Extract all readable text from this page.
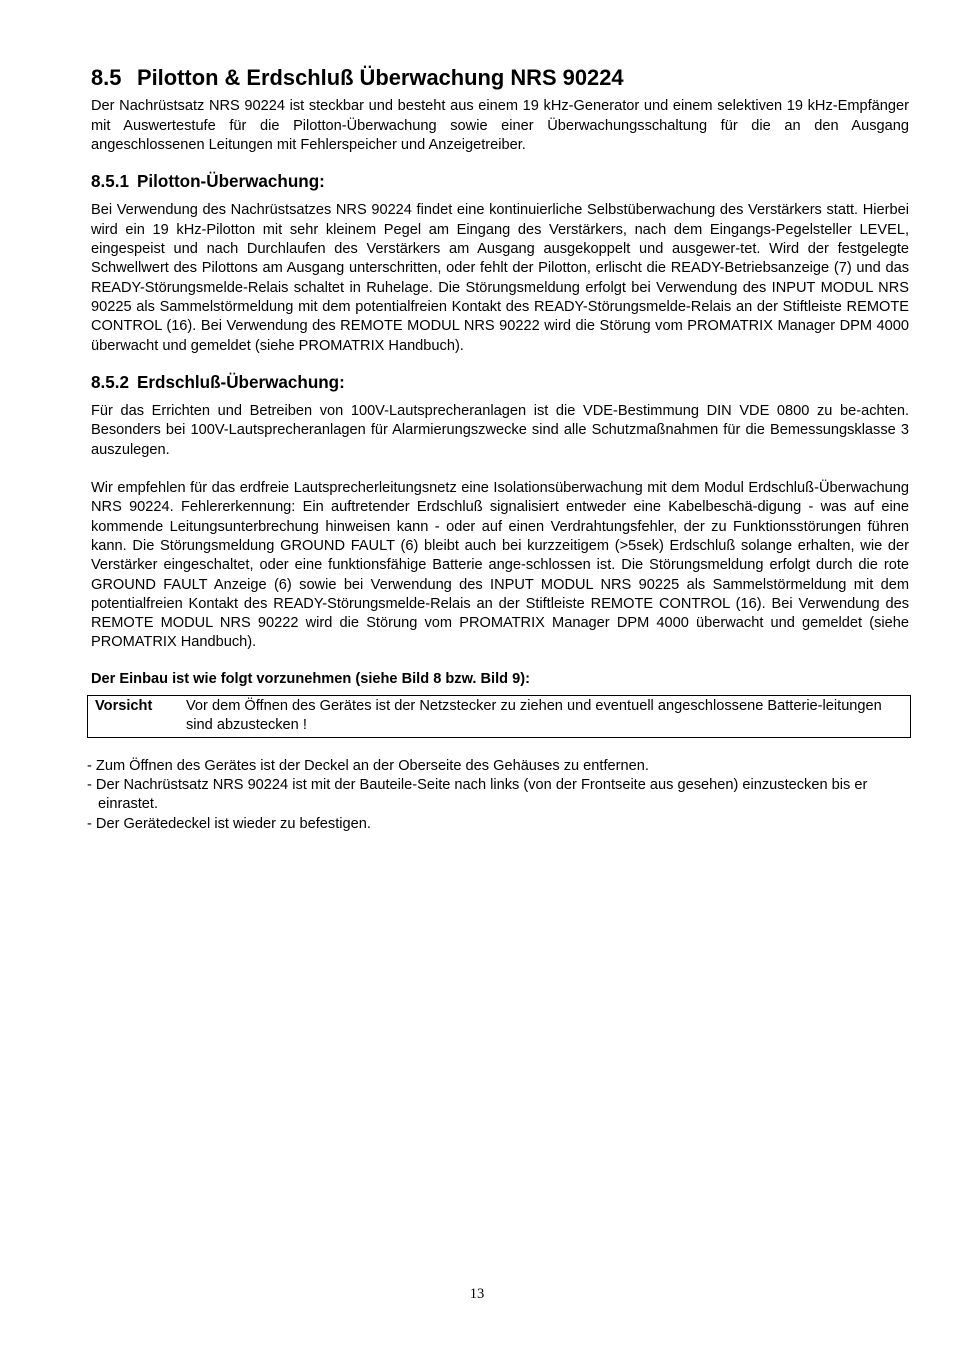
8.5 Pilotton & Erdschluß Überwachung NRS 90224

Der Nachrüstsatz NRS 90224 ist steckbar und besteht aus einem 19 kHz-Generator und einem selektiven 19 kHz-Empfänger mit Auswertestufe für die Pilotton-Überwachung sowie einer Überwachungsschaltung für die an den Ausgang angeschlossenen Leitungen mit Fehlerspeicher und Anzeigetreiber.

8.5.1 Pilotton-Überwachung:

Bei Verwendung des Nachrüstsatzes NRS 90224 findet eine kontinuierliche Selbstüberwachung des Verstärkers statt. Hierbei wird ein 19 kHz-Pilotton mit sehr kleinem Pegel am Eingang des Verstärkers, nach dem Eingangs-Pegelsteller LEVEL, eingespeist und nach Durchlaufen des Verstärkers am Ausgang ausgekoppelt und ausgewer-tet. Wird der festgelegte Schwellwert des Pilottons am Ausgang unterschritten, oder fehlt der Pilotton, erlischt die READY-Betriebsanzeige (7) und das READY-Störungsmelde-Relais schaltet in Ruhelage. Die Störungsmeldung erfolgt bei Verwendung des INPUT MODUL NRS 90225 als Sammelstörmeldung mit dem potentialfreien Kontakt des READY-Störungsmelde-Relais an der Stiftleiste REMOTE CONTROL (16). Bei Verwendung des REMOTE MODUL NRS 90222 wird die Störung vom PROMATRIX Manager DPM 4000 überwacht und gemeldet (siehe PROMATRIX Handbuch).

8.5.2 Erdschluß-Überwachung:

Für das Errichten und Betreiben von 100V-Lautsprecheranlagen ist die VDE-Bestimmung DIN VDE 0800 zu be-achten. Besonders bei 100V-Lautsprecheranlagen für Alarmierungszwecke sind alle Schutzmaßnahmen für die Bemessungsklasse 3 auszulegen.

Wir empfehlen für das erdfreie Lautsprecherleitungsnetz eine Isolationsüberwachung mit dem Modul Erdschluß-Überwachung NRS 90224. Fehlererkennung: Ein auftretender Erdschluß signalisiert entweder eine Kabelbeschä-digung - was auf eine kommende Leitungsunterbrechung hinweisen kann - oder auf einen Verdrahtungsfehler, der zu Funktionsstörungen führen kann. Die Störungsmeldung GROUND FAULT (6) bleibt auch bei kurzzeitigem (>5sek) Erdschluß solange erhalten, wie der Verstärker eingeschaltet, oder eine funktionsfähige Batterie ange-schlossen ist. Die Störungsmeldung erfolgt durch die rote GROUND FAULT Anzeige (6) sowie bei Verwendung des INPUT MODUL NRS 90225 als Sammelstörmeldung mit dem potentialfreien Kontakt des READY-Störungsmelde-Relais an der Stiftleiste REMOTE CONTROL (16). Bei Verwendung des REMOTE MODUL NRS 90222 wird die Störung vom PROMATRIX Manager DPM 4000 überwacht und gemeldet (siehe PROMATRIX Handbuch).

Der Einbau ist wie folgt vorzunehmen (siehe Bild 8 bzw. Bild 9):

Vorsicht	Vor dem Öffnen des Gerätes ist der Netzstecker zu ziehen und eventuell angeschlossene Batterie-leitungen sind abzustecken !
- Zum Öffnen des Gerätes ist der Deckel an der Oberseite des Gehäuses zu entfernen.
- Der Nachrüstsatz NRS 90224 ist mit der Bauteile-Seite nach links (von der Frontseite aus gesehen) einzustecken bis er einrastet.
- Der Gerätedeckel ist wieder zu befestigen.
13
